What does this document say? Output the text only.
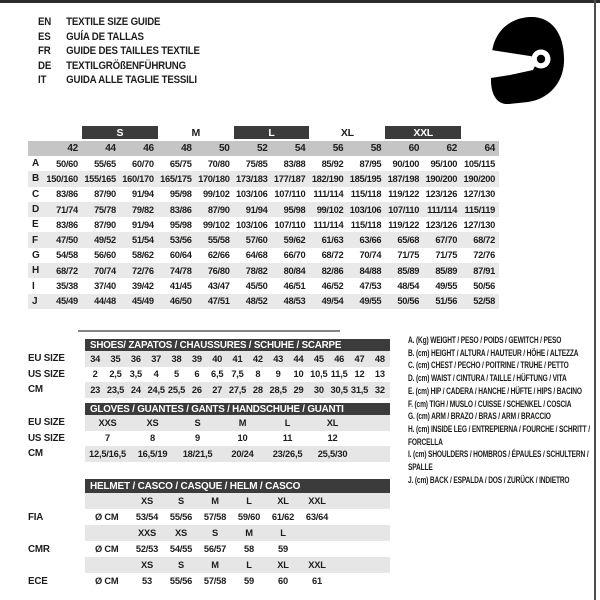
EN	TEXTILE SIZE GUIDE
ES	GUÍA DE TALLAS
FR	GUIDE DES TAILLES TEXTILE
DE	TEXTILGRÖßENFÜHRUNG
IT	GUIDA ALLE TAGLIE TESSILI
S	M	L	XL	XXL
42	44	46	48	50	52	54	56	58	60	62	64
A	50/60	55/65	60/70	65/75	70/80	75/85	83/88	85/92	87/95	90/100	95/100 105/115
B 150/160 155/165 160/170 165/175 170/180 173/183 177/187 182/190 185/195 187/198 190/200 190/200
C	83/86	87/90	91/94	95/98	99/102 103/106 107/110 111/114 115/118 119/122 123/126 127/130
D	71/74	75/78	79/82	83/86	87/90	91/94	95/98	99/102 103/106 107/110 111/114 115/119
E	83/86	87/90	91/94	95/98	99/102 103/106 107/110 111/114 115/118 119/122 123/126 127/130
F	47/50	49/52	51/54	53/56	55/58	57/60	59/62	61/63	63/66	65/68	67/70	68/72
G	54/58	56/60	58/62	60/64	62/66	64/68	66/70	68/72	70/74	71/75	71/75	72/76
H	68/72	70/74	72/76	74/78	76/80	78/82	80/84	82/86	84/88	85/89	85/89	87/91
I	35/38	37/40	39/42	41/45	43/47	45/50	46/51	46/52	47/53	48/54	49/55	50/56
J	45/49	44/48	45/49	46/50	47/51	48/52	48/53	49/54	49/55	50/56	51/56	52/58
SHOES/ ZAPATOS / CHAUSSURES / SCHUHE / SCARPE
EU SIZE	34	35	36	37	38	39	40	41	42	43	44	45	46	47	48
US SIZE	2	2,5 3,5	4	5	6	6,5 7,5	8	9	10 10,5 11,5 12	13
CM	23 23,5 24 24,5 25,5 26	27 27,5 28 28,5 29	30 30,5 31,5 32
GLOVES / GUANTES / GANTS / HANDSCHUHE / GUANTI
EU SIZE	XXS	XS	S	M	L	XL
US SIZE	7	8	9	10	11	12
CM	12,5/16,5	16,5/19	18/21,5	20/24	23/26,5	25,5/30
HELMET / CASCO / CASQUE / HELM / CASCO
XS	S	M	L	XL	XXL
FIA	Ø CM	53/54	55/56	57/58	59/60	61/62	63/64
XXS	XS	S	M	L
CMR	Ø CM	52/53	54/55	56/57	58	59
XS	S	M	L	XL	XXL
ECE	Ø CM	53	55/56	57/58	59	60	61
A. (Kg) WEIGHT / PESO / POIDS / GEWITCH / PESO
B. (cm) HEIGHT / ALTURA / HAUTEUR / HÖHE / ALTEZZA
C. (cm) CHEST / PECHO / POITRINE / TRUHE / PETTO
D. (cm) WAIST / CINTURA / TAILLE / HÜFTUNG / VITA
E. (cm) HIP / CADERA / HANCHE / HÜFTE / HIPS / BACINO
F. (cm) TIGH / MUSLO / CUISSE / SCHENKEL / COSCIA
G. (cm) ARM / BRAZO / BRAS / ARM / BRACCIO
H. (cm) INSIDE LEG / ENTREPIERNA / FOURCHE / SCHRITT / FORCELLA
I. (cm) SHOULDERS / HOMBROS / ÉPAULES / SCHULTERN / SPALLE
J. (cm) BACK / ESPALDA / DOS / ZURÜCK / INDIETRO
